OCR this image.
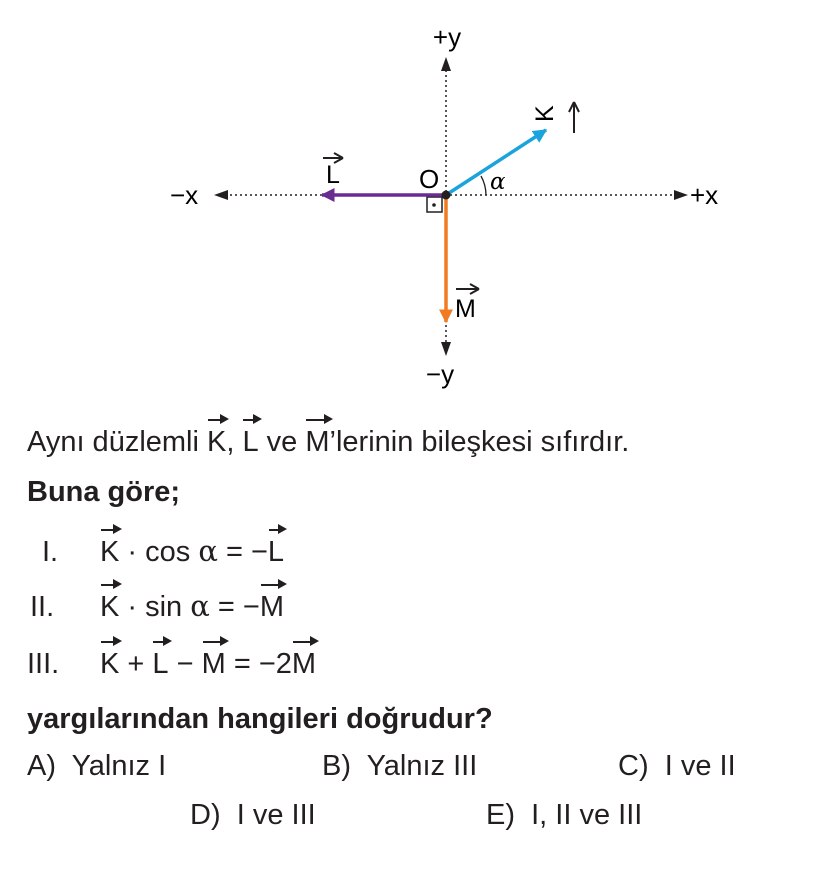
+y
−y
+x
−x	α
O
K
L
M
Aynı düzlemli K, L ve M’lerinin bileşkesi sıfırdır.
Buna göre;
I. K · cos α = −L
II. K · sin α = −M
III. K + L − M = −2M
yargılarından hangileri doğrudur?
A) Yalnız I	B) Yalnız III	C) I ve II
D) I ve III	E) I, II ve III
